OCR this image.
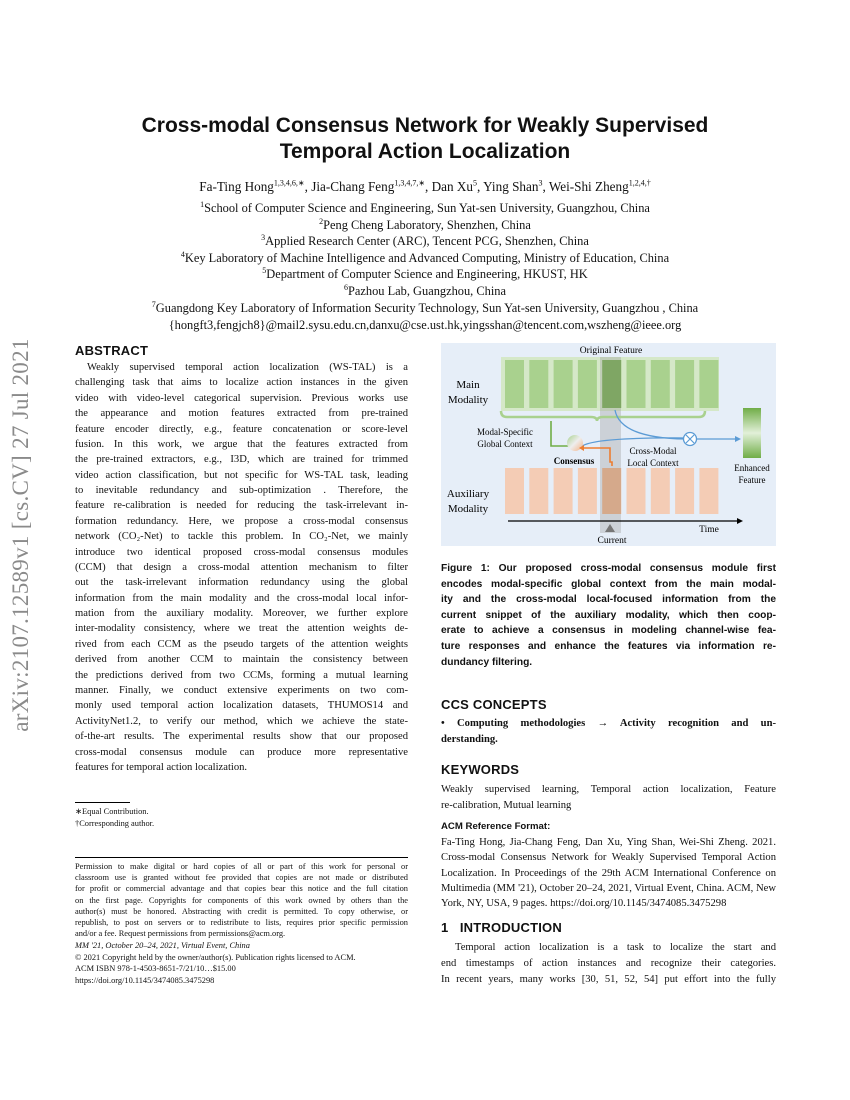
arXiv:2107.12589v1 [cs.CV] 27 Jul 2021
Cross-modal Consensus Network for Weakly Supervised
Temporal Action Localization
Fa-Ting Hong$^{1,3,4,6,∗}$, Jia-Chang Feng$^{1,3,4,7,∗}$, Dan Xu$^5$, Ying Shan$^3$, Wei-Shi Zheng$^{1,2,4,\dagger}$
$^1$School of Computer Science and Engineering, Sun Yat-sen University, Guangzhou, China
$^2$Peng Cheng Laboratory, Shenzhen, China
$^3$Applied Research Center (ARC), Tencent PCG, Shenzhen, China
$^4$Key Laboratory of Machine Intelligence and Advanced Computing, Ministry of Education, China
$^5$Department of Computer Science and Engineering, HKUST, HK
$^6$Pazhou Lab, Guangzhou, China
$^7$Guangdong Key Laboratory of Information Security Technology, Sun Yat-sen University, Guangzhou , China
{hongft3,fengjch8}@mail2.sysu.edu.cn,danxu@cse.ust.hk,yingsshan@tencent.com,wszheng@ieee.org
ABSTRACT
Weakly supervised temporal action localization (WS-TAL) is a
challenging task that aims to localize action instances in the given
video with video-level categorical supervision. Previous works use
the appearance and motion features extracted from pre-trained
feature encoder directly, e.g., feature concatenation or score-level
fusion. In this work, we argue that the features extracted from
the pre-trained extractors, e.g., I3D, which are trained for trimmed
video action classification, but not specific for WS-TAL task, leading
to inevitable redundancy and sub-optimization . Therefore, the
feature re-calibration is needed for reducing the task-irrelevant in-
formation redundancy. Here, we propose a cross-modal consensus
network (CO₂-Net) to tackle this problem. In CO₂-Net, we mainly
introduce two identical proposed cross-modal consensus modules
(CCM) that design a cross-modal attention mechanism to filter
out the task-irrelevant information redundancy using the global
information from the main modality and the cross-modal local infor-
mation from the auxiliary modality. Moreover, we further explore
inter-modality consistency, where we treat the attention weights de-
rived from each CCM as the pseudo targets of the attention weights
derived from another CCM to maintain the consistency between
the predictions derived from two CCMs, forming a mutual learning
manner. Finally, we conduct extensive experiments on two com-
monly used temporal action localization datasets, THUMOS14 and
ActivityNet1.2, to verify our method, which we achieve the state-
of-the-art results. The experimental results show that our proposed
cross-modal consensus module can produce more representative
features for temporal action localization.
∗Equal Contribution.
†Corresponding author.
Permission to make digital or hard copies of all or part of this work for personal or
classroom use is granted without fee provided that copies are not made or distributed
for profit or commercial advantage and that copies bear this notice and the full citation
on the first page. Copyrights for components of this work owned by others than the
author(s) must be honored. Abstracting with credit is permitted. To copy otherwise, or
republish, to post on servers or to redistribute to lists, requires prior specific permission
and/or a fee. Request permissions from permissions@acm.org.
MM '21, October 20–24, 2021, Virtual Event, China
© 2021 Copyright held by the owner/author(s). Publication rights licensed to ACM.
ACM ISBN 978-1-4503-8651-7/21/10…$15.00
https://doi.org/10.1145/3474085.3475298
Original Feature
Main
Modality
Modal-Specific
Global Context
Consensus
Cross-Modal
Local Context	Enhanced
Feature
Auxiliary
Modality
Time
Current
Figure 1: Our proposed cross-modal consensus module first
encodes modal-specific global context from the main modal-
ity and the cross-modal local-focused information from the
current snippet of the auxiliary modality, which then coop-
erate to achieve a consensus in modeling channel-wise fea-
ture responses and enhance the features via information re-
dundancy filtering.
CCS CONCEPTS
• Computing methodologies → Activity recognition and un-
derstanding.
KEYWORDS
Weakly supervised learning, Temporal action localization, Feature
re-calibration, Mutual learning
ACM Reference Format:
Fa-Ting Hong, Jia-Chang Feng, Dan Xu, Ying Shan, Wei-Shi Zheng. 2021.
Cross-modal Consensus Network for Weakly Supervised Temporal Action
Localization. In Proceedings of the 29th ACM International Conference on
Multimedia (MM '21), October 20–24, 2021, Virtual Event, China. ACM, New
York, NY, USA, 9 pages. https://doi.org/10.1145/3474085.3475298
1 INTRODUCTION
Temporal action localization is a task to localize the start and
end timestamps of action instances and recognize their categories.
In recent years, many works [30, 51, 52, 54] put effort into the fully
